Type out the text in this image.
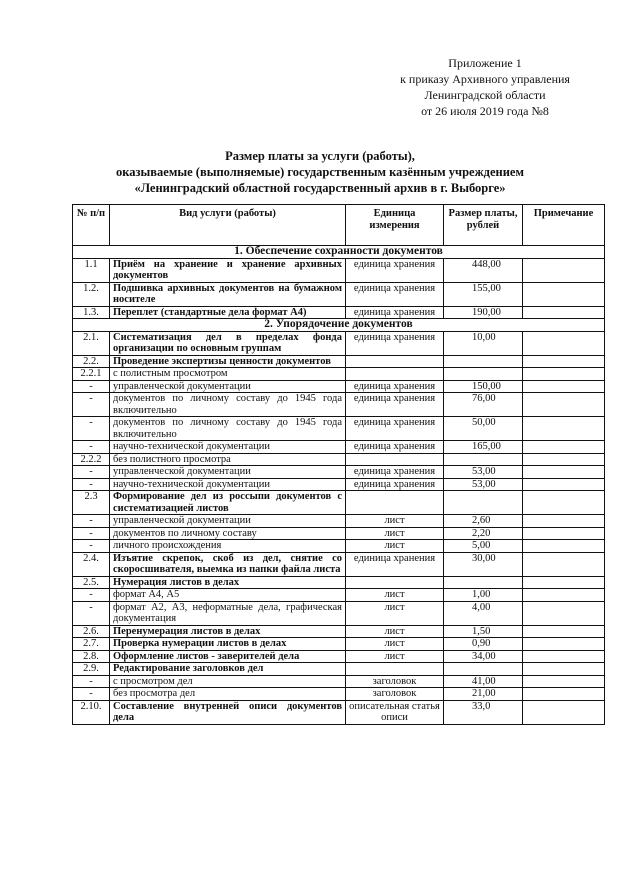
Приложение 1
к приказу Архивного управления
Ленинградской области
от 26 июля 2019 года №8
Размер платы за услуги (работы),
оказываемые (выполняемые) государственным казённым учреждением
«Ленинградский областной государственный архив в г. Выборге»
№ п/п	Вид услуги (работы)	Единица измерения	Размер платы, рублей	Примечание
1. Обеспечение сохранности документов				
1.1	Приём на хранение и хранение архивных документов	единица хранения	448,00	
1.2.	Подшивка архивных документов на бумажном носителе	единица хранения	155,00	
1.3.	Переплет (стандартные дела формат А4)	единица хранения	190,00	
2. Упорядочение документов				
2.1.	Систематизация дел в пределах фонда организации по основным группам	единица хранения	10,00	
2.2.	Проведение экспертизы ценности документов			
2.2.1	с полистным просмотром			
-	управленческой документации	единица хранения	150,00	
-	документов по личному составу до 1945 года включительно	единица хранения	76,00	
-	документов по личному составу до 1945 года включительно	единица хранения	50,00	
-	научно-технической документации	единица хранения	165,00	
2.2.2	без полистного просмотра			
-	управленческой документации	единица хранения	53,00	
-	научно-технической документации	единица хранения	53,00	
2.3	Формирование дел из россыпи документов с систематизацией листов			
-	управленческой документации	лист	2,60	
-	документов по личному составу	лист	2,20	
-	личного происхождения	лист	5,00	
2.4.	Изъятие скрепок, скоб из дел, снятие со скоросшивателя, выемка из папки файла листа	единица хранения	30,00	
2.5.	Нумерация листов в делах			
-	формат А4, А5	лист	1,00	
-	формат А2, А3, неформатные дела, графическая документация	лист	4,00	
2.6.	Перенумерация листов в делах	лист	1,50	
2.7.	Проверка нумерации листов в делах	лист	0,90	
2.8.	Оформление листов - заверителей дела	лист	34,00	
2.9.	Редактирование заголовков дел			
-	с просмотром дел	заголовок	41,00	
-	без просмотра дел	заголовок	21,00	
2.10.	Составление внутренней описи документов дела	описательная статья описи	33,0	
